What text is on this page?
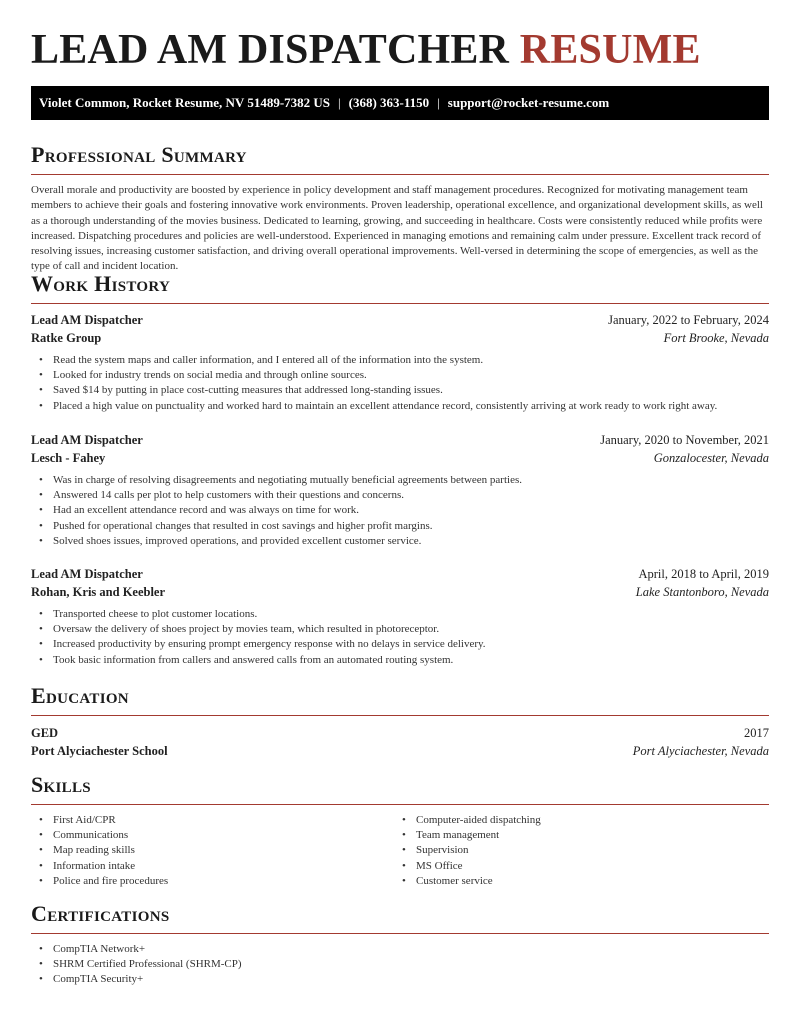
LEAD AM DISPATCHER RESUME
Violet Common, Rocket Resume, NV 51489-7382 US | (368) 363-1150 | support@rocket-resume.com
Professional Summary

Overall morale and productivity are boosted by experience in policy development and staff management procedures. Recognized for motivating management team members to achieve their goals and fostering innovative work environments. Proven leadership, operational excellence, and organizational development skills, as well as a thorough understanding of the movies business. Dedicated to learning, growing, and succeeding in healthcare. Costs were consistently reduced while profits were increased. Dispatching procedures and policies are well-understood. Experienced in managing emotions and remaining calm under pressure. Excellent track record of resolving issues, increasing customer satisfaction, and driving overall operational improvements. Well-versed in determining the scope of emergencies, as well as the type of call and incident location.

Work History
Lead AM Dispatcher	January, 2022 to February, 2024
Ratke Group	Fort Brooke, Nevada
• Read the system maps and caller information, and I entered all of the information into the system.
• Looked for industry trends on social media and through online sources.
• Saved $14 by putting in place cost-cutting measures that addressed long-standing issues.
• Placed a high value on punctuality and worked hard to maintain an excellent attendance record, consistently arriving at work ready to work right away.
Lead AM Dispatcher	January, 2020 to November, 2021
Lesch - Fahey	Gonzalocester, Nevada
• Was in charge of resolving disagreements and negotiating mutually beneficial agreements between parties.
• Answered 14 calls per plot to help customers with their questions and concerns.
• Had an excellent attendance record and was always on time for work.
• Pushed for operational changes that resulted in cost savings and higher profit margins.
• Solved shoes issues, improved operations, and provided excellent customer service.
Lead AM Dispatcher	April, 2018 to April, 2019
Rohan, Kris and Keebler	Lake Stantonboro, Nevada
• Transported cheese to plot customer locations.
• Oversaw the delivery of shoes project by movies team, which resulted in photoreceptor.
• Increased productivity by ensuring prompt emergency response with no delays in service delivery.
• Took basic information from callers and answered calls from an automated routing system.
Education
GED	2017
Port Alyciachester School	Port Alyciachester, Nevada
Skills
• First Aid/CPR
• Communications
• Map reading skills
• Information intake
• Police and fire procedures
• Computer-aided dispatching
• Team management
• Supervision
• MS Office
• Customer service
Certifications
• CompTIA Network+
• SHRM Certified Professional (SHRM-CP)
• CompTIA Security+
